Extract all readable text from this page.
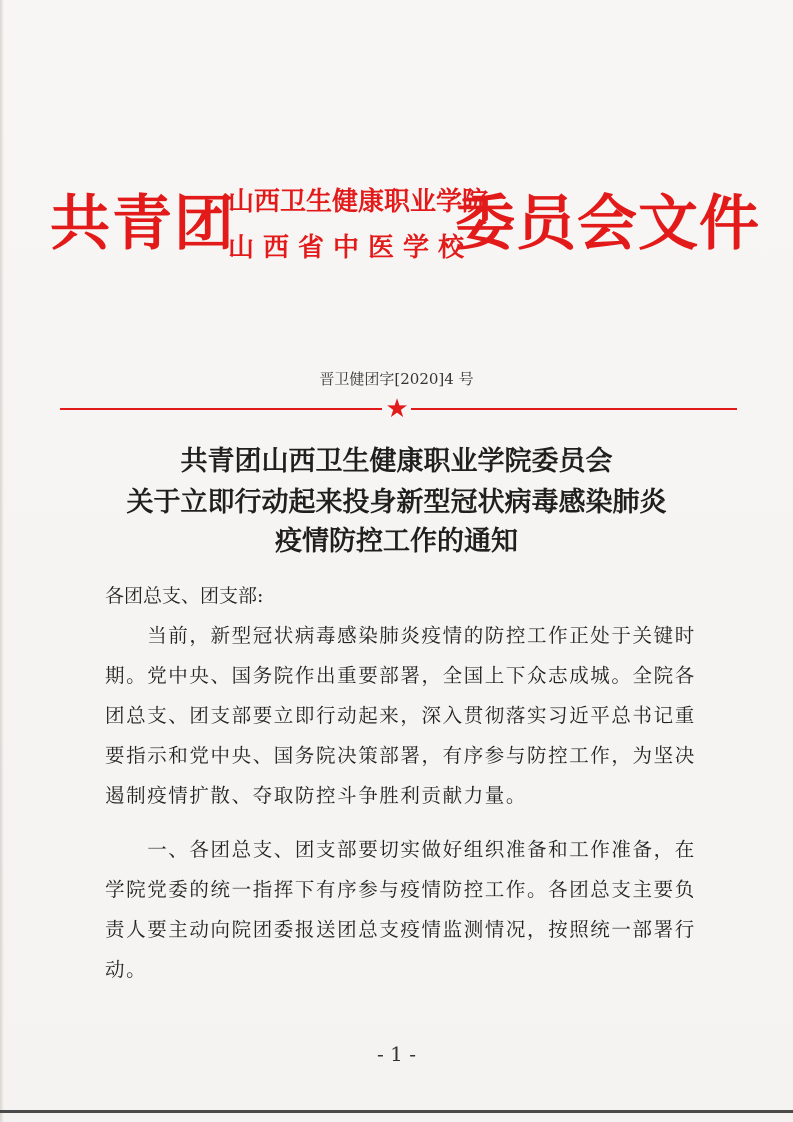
共青团
山西卫生健康职业学院
山西省中医学校
委员会文件
晋卫健团字[2020]4 号
★
共青团山西卫生健康职业学院委员会
关于立即行动起来投身新型冠状病毒感染肺炎
疫情防控工作的通知
各团总支、团支部:
　　当前，新型冠状病毒感染肺炎疫情的防控工作正处于关键时
期。党中央、国务院作出重要部署，全国上下众志成城。全院各
团总支、团支部要立即行动起来，深入贯彻落实习近平总书记重
要指示和党中央、国务院决策部署，有序参与防控工作，为坚决
遏制疫情扩散、夺取防控斗争胜利贡献力量。
　　一、各团总支、团支部要切实做好组织准备和工作准备，在
学院党委的统一指挥下有序参与疫情防控工作。各团总支主要负
责人要主动向院团委报送团总支疫情监测情况，按照统一部署行
动。
- 1 -
